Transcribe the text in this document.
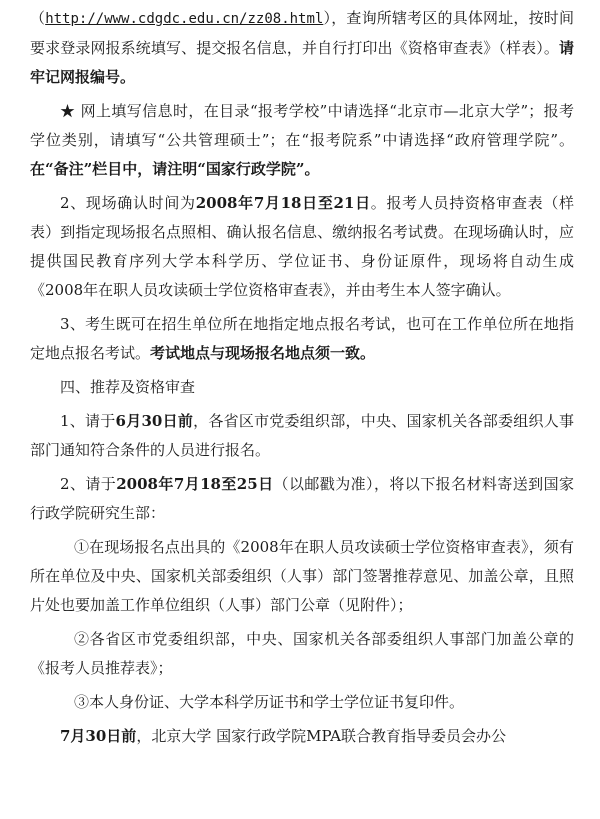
（http://www.cdgdc.edu.cn/zz08.html），查询所辖考区的具体网址，按时间要求登录网报系统填写、提交报名信息，并自行打印出《资格审查表》（样表）。请牢记网报编号。

★ 网上填写信息时，在目录“报考学校”中请选择“北京市—北京大学”；报考学位类别，请填写“公共管理硕士”；在“报考院系”中请选择“政府管理学院”。在“备注”栏目中，请注明“国家行政学院”。

2、现场确认时间为2008年7月18日至21日。报考人员持资格审查表（样表）到指定现场报名点照相、确认报名信息、缴纳报名考试费。在现场确认时，应提供国民教育序列大学本科学历、学位证书、身份证原件，现场将自动生成《2008年在职人员攻读硕士学位资格审查表》，并由考生本人签字确认。

3、考生既可在招生单位所在地指定地点报名考试，也可在工作单位所在地指定地点报名考试。考试地点与现场报名地点须一致。

四、推荐及资格审查

1、请于6月30日前，各省区市党委组织部，中央、国家机关各部委组织人事部门通知符合条件的人员进行报名。

2、请于2008年7月18至25日（以邮戳为准），将以下报名材料寄送到国家行政学院研究生部：

①在现场报名点出具的《2008年在职人员攻读硕士学位资格审查表》，须有所在单位及中央、国家机关部委组织（人事）部门签署推荐意见、加盖公章，且照片处也要加盖工作单位组织（人事）部门公章（见附件）；

②各省区市党委组织部，中央、国家机关各部委组织人事部门加盖公章的《报考人员推荐表》；

③本人身份证、大学本科学历证书和学士学位证书复印件。

7月30日前，北京大学 国家行政学院MPA联合教育指导委员会办公
